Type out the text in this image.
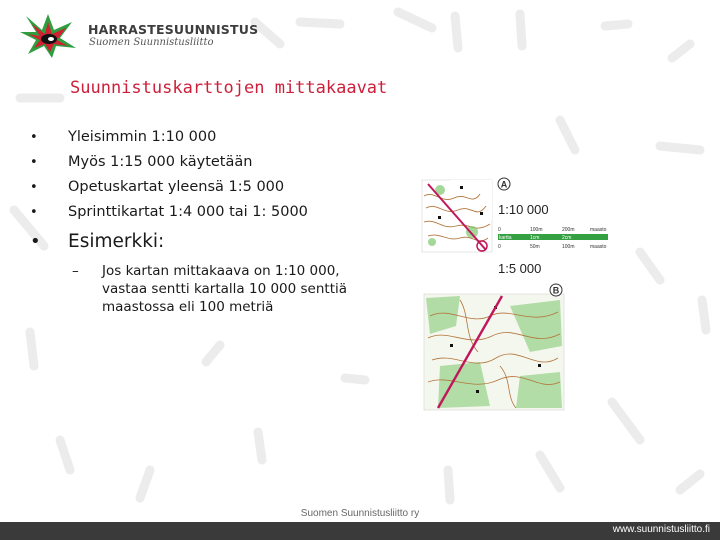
HARRASTESUUNNISTUS
Suomen Suunnistusliitto
Suunnistuskarttojen mittakaavat
• Yleisimmin 1:10 000
• Myös 1:15 000 käytetään
• Opetuskartat yleensä 1:5 000
• Sprinttikartat 1:4 000 tai 1: 5000
• Esimerkki:
– Jos kartan mittakaava on 1:10 000,
vastaa sentti kartalla 10 000 senttiä
maastossa eli 100 metriä
A
1:10 000
0	100m	200m	maasto
kartta	1cm	2cm
0	50m	100m	maasto
1:5 000
B
Suomen Suunnistusliitto ry
www.suunnistusliitto.fi
